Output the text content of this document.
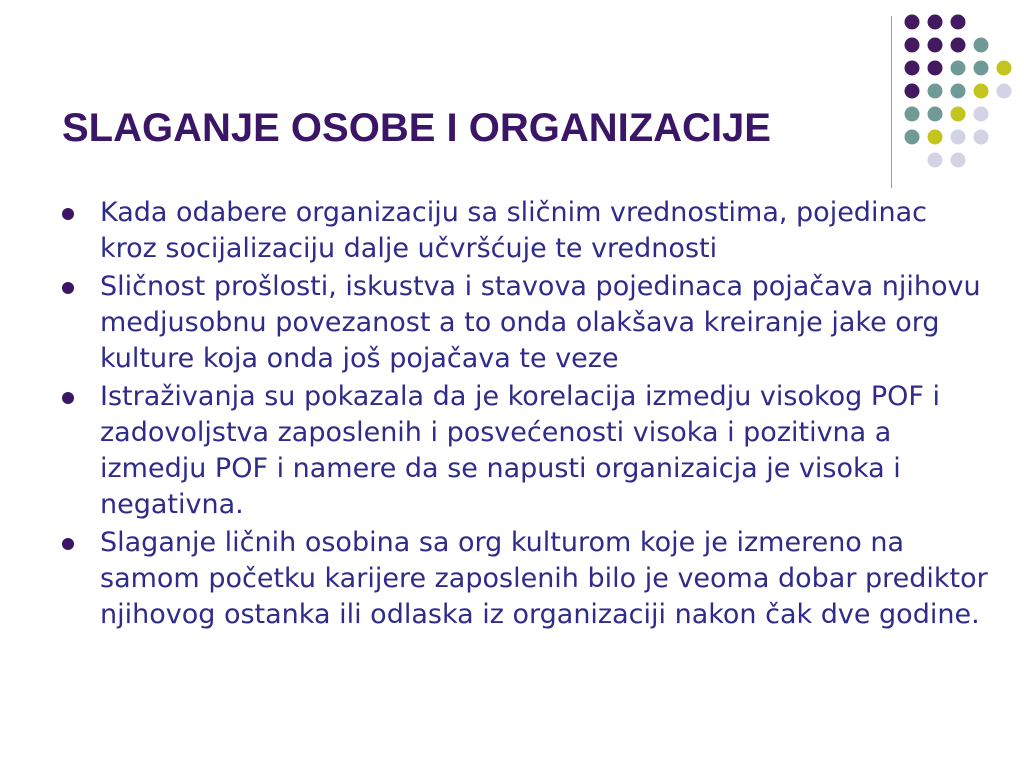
SLAGANJE OSOBE I ORGANIZACIJE
Kada odabere organizaciju sa sličnim vrednostima, pojedinac kroz socijalizaciju dalje učvršćuje te vrednosti
Sličnost prošlosti, iskustva i stavova pojedinaca pojačava njihovu medjusobnu povezanost a to onda olakšava kreiranje jake org kulture koja onda još pojačava te veze
Istraživanja su pokazala da je korelacija izmedju visokog POF i zadovoljstva zaposlenih i posvećenosti visoka i pozitivna a izmedju POF i namere da se napusti organizaicja je visoka i negativna.
Slaganje ličnih osobina sa org kulturom koje je izmereno na samom početku karijere zaposlenih bilo je veoma dobar prediktor njihovog ostanka ili odlaska iz organizaciji nakon čak dve godine.
